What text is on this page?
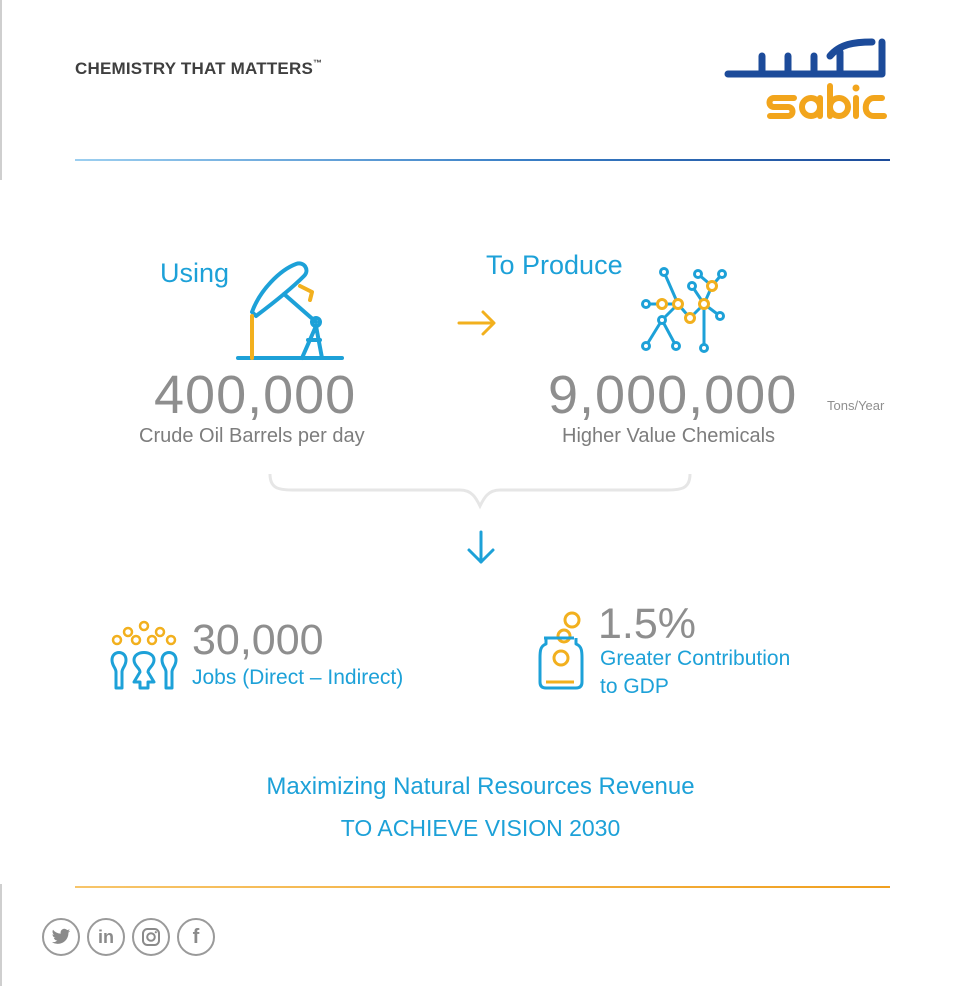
CHEMISTRY THAT MATTERS™
Using
400,000
Crude Oil Barrels per day
To Produce
9,000,000 Tons/Year
Higher Value Chemicals
30,000
Jobs (Direct – Indirect)
1.5%
Greater Contribution
to GDP
Maximizing Natural Resources Revenue
TO ACHIEVE VISION 2030
in	f
